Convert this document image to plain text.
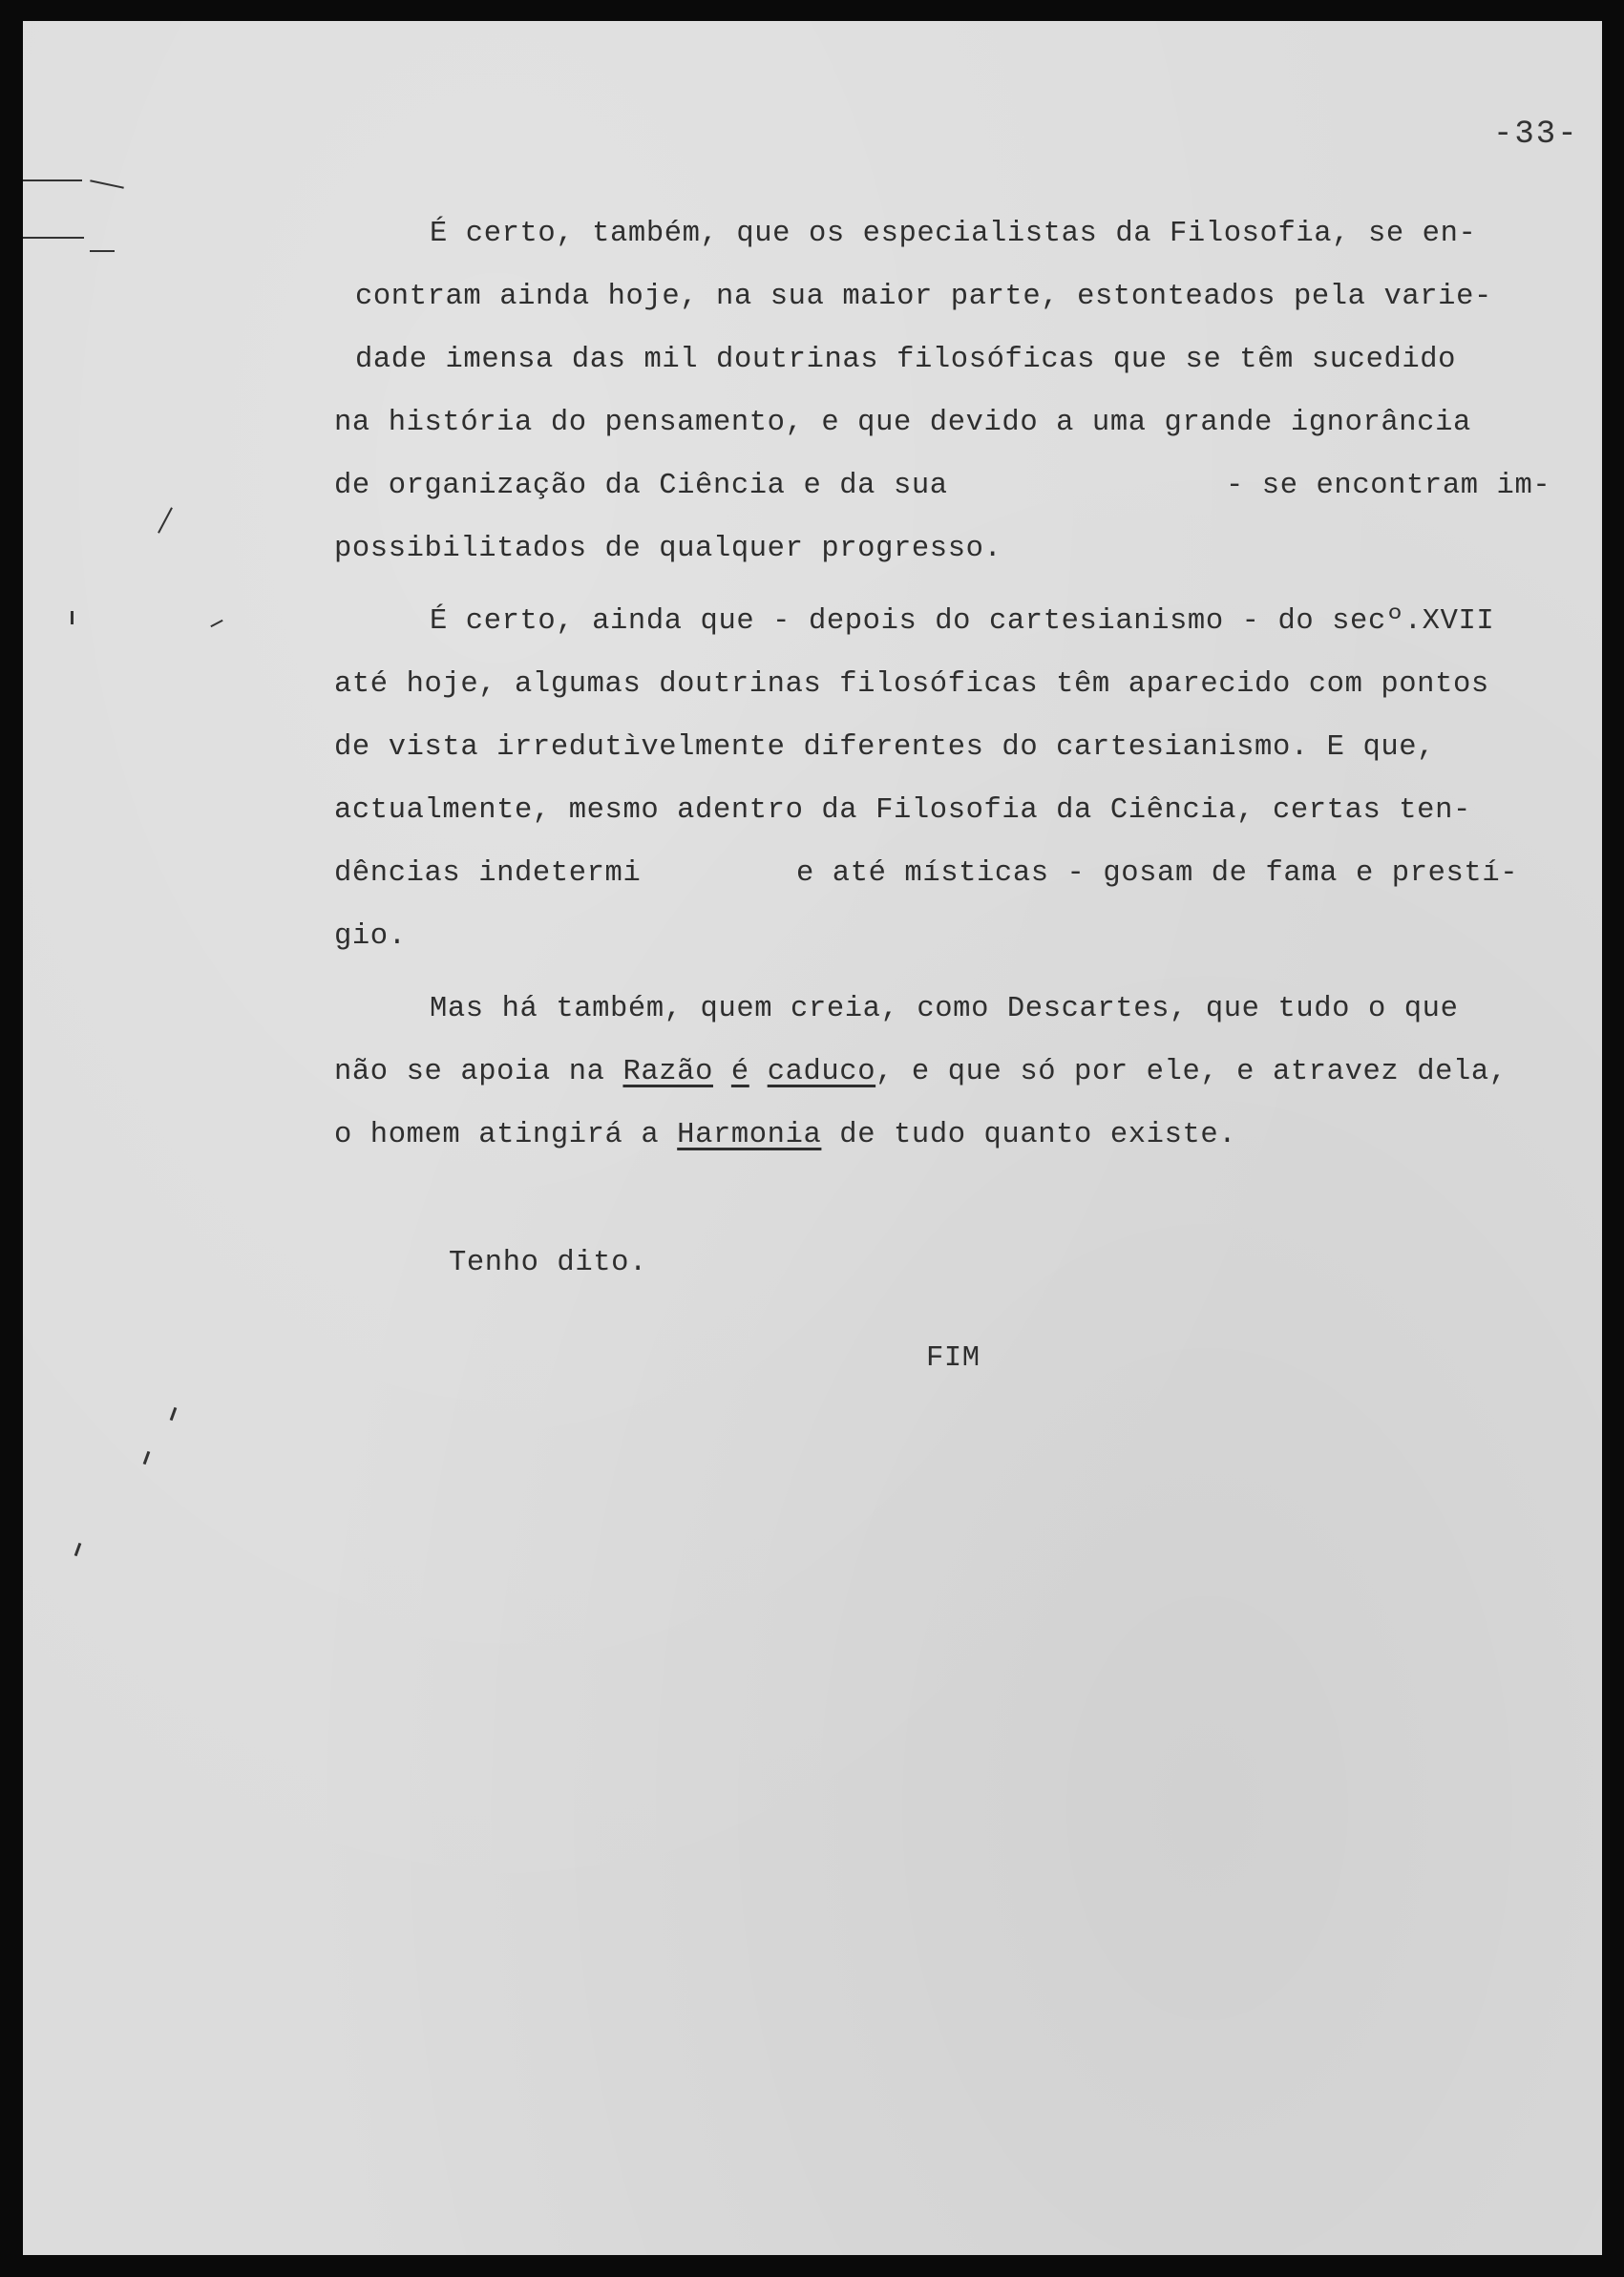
-33-
É certo, também, que os especialistas da Filosofia, se en-
contram ainda hoje, na sua maior parte, estonteados pela varie-
dade imensa das mil doutrinas filosóficas que se têm sucedido
na história do pensamento, e que devido a uma grande ignorância
de organização da Ciência e da sua	- se encontram im-
possibilitados de qualquer progresso.
É certo, ainda que - depois do cartesianismo - do secº.XVII
até hoje, algumas doutrinas filosóficas têm aparecido com pontos
de vista irredutìvelmente diferentes do cartesianismo. E que,
actualmente, mesmo adentro da Filosofia da Ciência, certas ten-
dências indetermi	e até místicas - gosam de fama e prestí-
gio.
Mas há também, quem creia, como Descartes, que tudo o que
não se apoia na Razão é caduco, e que só por ele, e atravez dela,
o homem atingirá a Harmonia de tudo quanto existe.
Tenho dito.
FIM
